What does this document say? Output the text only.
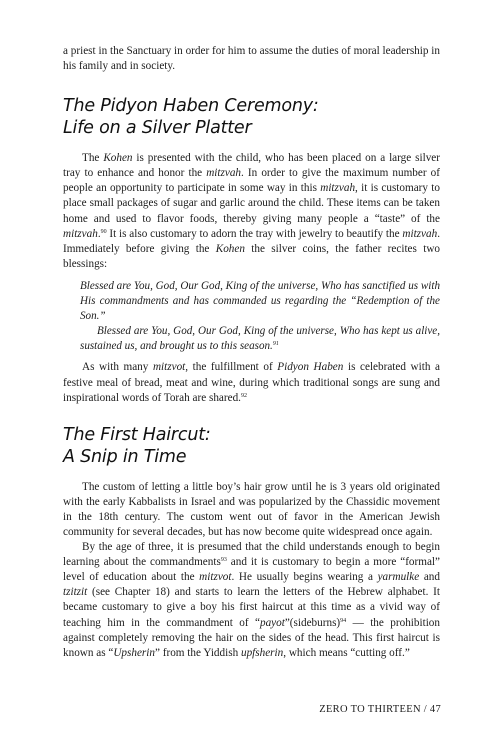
a priest in the Sanctuary in order for him to assume the duties of moral leadership in his family and in society.

The Pidyon Haben Ceremony:
Life on a Silver Platter

The Kohen is presented with the child, who has been placed on a large silver tray to enhance and honor the mitzvah. In order to give the maximum number of people an opportunity to participate in some way in this mitzvah, it is customary to place small packages of sugar and garlic around the child. These items can be taken home and used to flavor foods, thereby giving many people a “taste” of the mitzvah.$^{90}$ It is also customary to adorn the tray with jewelry to beautify the mitzvah. Immediately before giving the Kohen the silver coins, the father recites two blessings:

Blessed are You, God, Our God, King of the universe, Who has sanctified us with His commandments and has commanded us regarding the “Redemption of the Son.”

Blessed are You, God, Our God, King of the universe, Who has kept us alive, sustained us, and brought us to this season.$^{91}$

As with many mitzvot, the fulfillment of Pidyon Haben is celebrated with a festive meal of bread, meat and wine, during which traditional songs are sung and inspirational words of Torah are shared.$^{92}$

The First Haircut:
A Snip in Time

The custom of letting a little boy’s hair grow until he is 3 years old originated with the early Kabbalists in Israel and was popularized by the Chassidic movement in the 18th century. The custom went out of favor in the American Jewish community for several decades, but has now become quite widespread once again.

By the age of three, it is presumed that the child understands enough to begin learning about the commandments$^{93}$ and it is customary to begin a more “formal” level of education about the mitzvot. He usually begins wearing a yarmulke and tzitzit (see Chapter 18) and starts to learn the letters of the Hebrew alphabet. It became customary to give a boy his first haircut at this time as a vivid way of teaching him in the commandment of “payot”(sideburns)$^{94}$ — the prohibition against completely removing the hair on the sides of the head. This first haircut is known as “Upsherin” from the Yiddish upfsherin, which means “cutting off.”

ZERO TO THIRTEEN / 47
